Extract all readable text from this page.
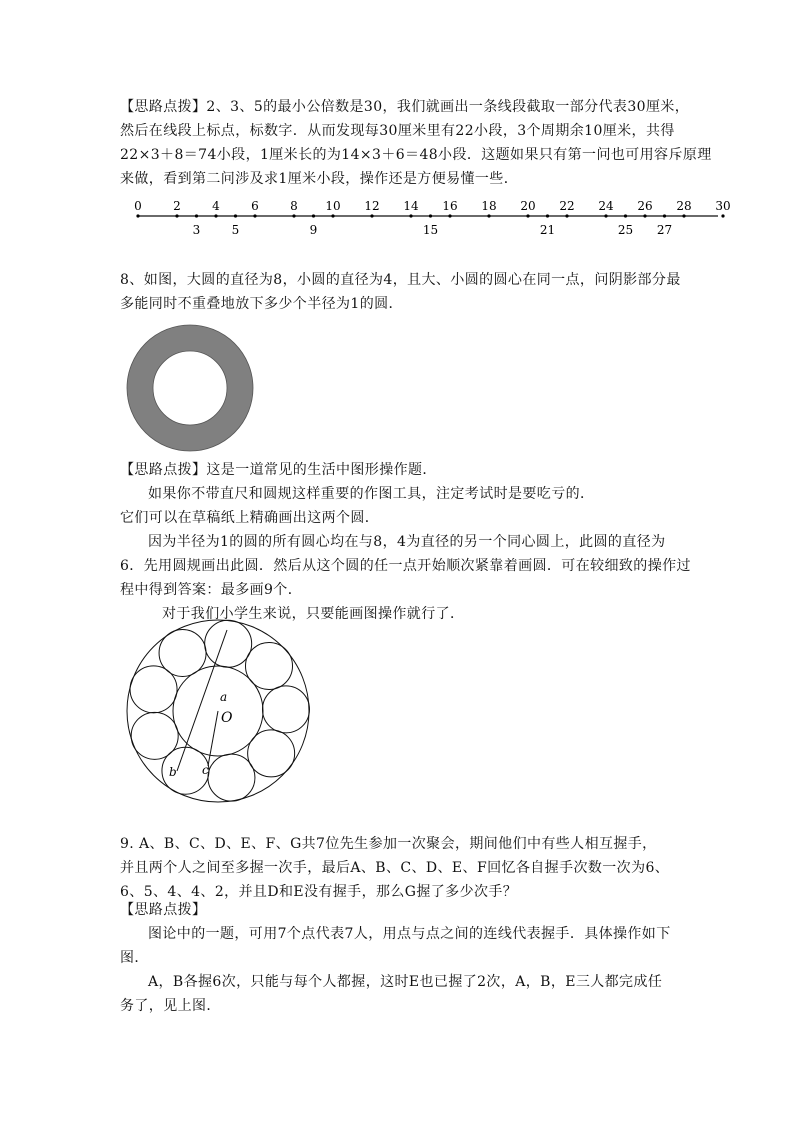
【思路点拨】2、3、5的最小公倍数是30，我们就画出一条线段截取一部分代表30厘米，
然后在线段上标点，标数字．从而发现每30厘米里有22小段，3个周期余10厘米，共得
22×3＋8＝74小段，1厘米长的为14×3＋6＝48小段．这题如果只有第一问也可用容斥原理
来做，看到第二问涉及求1厘米小段，操作还是方便易懂一些．
0	2	4	6	8 10 12 14 16 18 20 22 24 26 28 30
3	5	9	15	21	25 27
8、如图，大圆的直径为8，小圆的直径为4，且大、小圆的圆心在同一点，问阴影部分最
多能同时不重叠地放下多少个半径为1的圆．
【思路点拨】这是一道常见的生活中图形操作题．
如果你不带直尺和圆规这样重要的作图工具，注定考试时是要吃亏的．
它们可以在草稿纸上精确画出这两个圆．
因为半径为1的圆的所有圆心均在与8，4为直径的另一个同心圆上，此圆的直径为
6．先用圆规画出此圆．然后从这个圆的任一点开始顺次紧靠着画圆．可在较细致的操作过
程中得到答案：最多画9个．
对于我们小学生来说，只要能画图操作就行了．
a
O
b c
9. A、B、C、D、E、F、G共7位先生参加一次聚会，期间他们中有些人相互握手，
并且两个人之间至多握一次手，最后A、B、C、D、E、F回忆各自握手次数一次为6、
6、5、4、4、2，并且D和E没有握手，那么G握了多少次手？
【思路点拨】
图论中的一题，可用7个点代表7人，用点与点之间的连线代表握手．具体操作如下
图．
A，B各握6次，只能与每个人都握，这时E也已握了2次，A，B，E三人都完成任
务了，见上图．
